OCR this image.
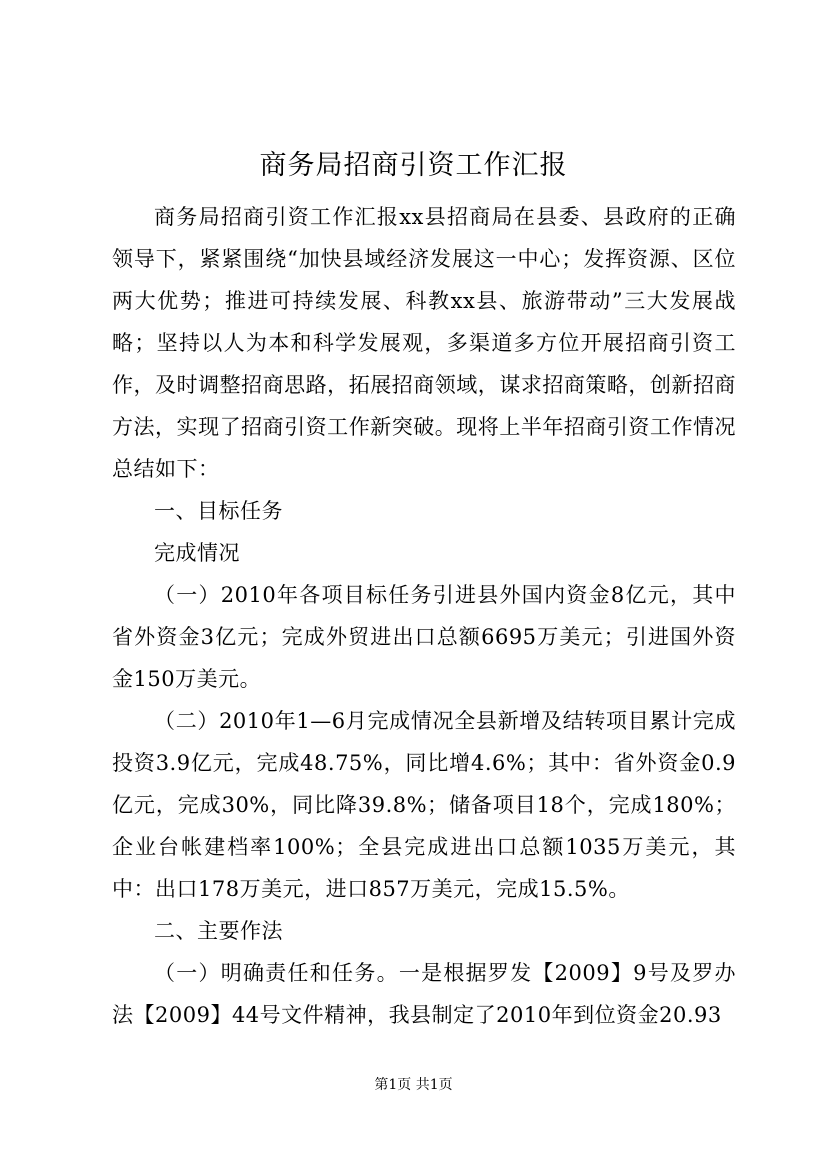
商务局招商引资工作汇报

商务局招商引资工作汇报xx县招商局在县委、县政府的正确领导下，紧紧围绕“加快县域经济发展这一中心；发挥资源、区位两大优势；推进可持续发展、科教xx县、旅游带动”三大发展战略；坚持以人为本和科学发展观，多渠道多方位开展招商引资工作，及时调整招商思路，拓展招商领域，谋求招商策略，创新招商方法，实现了招商引资工作新突破。现将上半年招商引资工作情况总结如下：

一、目标任务

完成情况

（一）2010年各项目标任务引进县外国内资金8亿元，其中省外资金3亿元；完成外贸进出口总额6695万美元；引进国外资金150万美元。

（二）2010年1—6月完成情况全县新增及结转项目累计完成投资3.9亿元，完成48.75%，同比增4.6%；其中：省外资金0.9亿元，完成30%，同比降39.8%；储备项目18个，完成180%；企业台帐建档率100%；全县完成进出口总额1035万美元，其中：出口178万美元，进口857万美元，完成15.5%。

二、主要作法

（一）明确责任和任务。一是根据罗发【2009】9号及罗办法【2009】44号文件精神，我县制定了2010年到位资金20.93

第1页 共1页
